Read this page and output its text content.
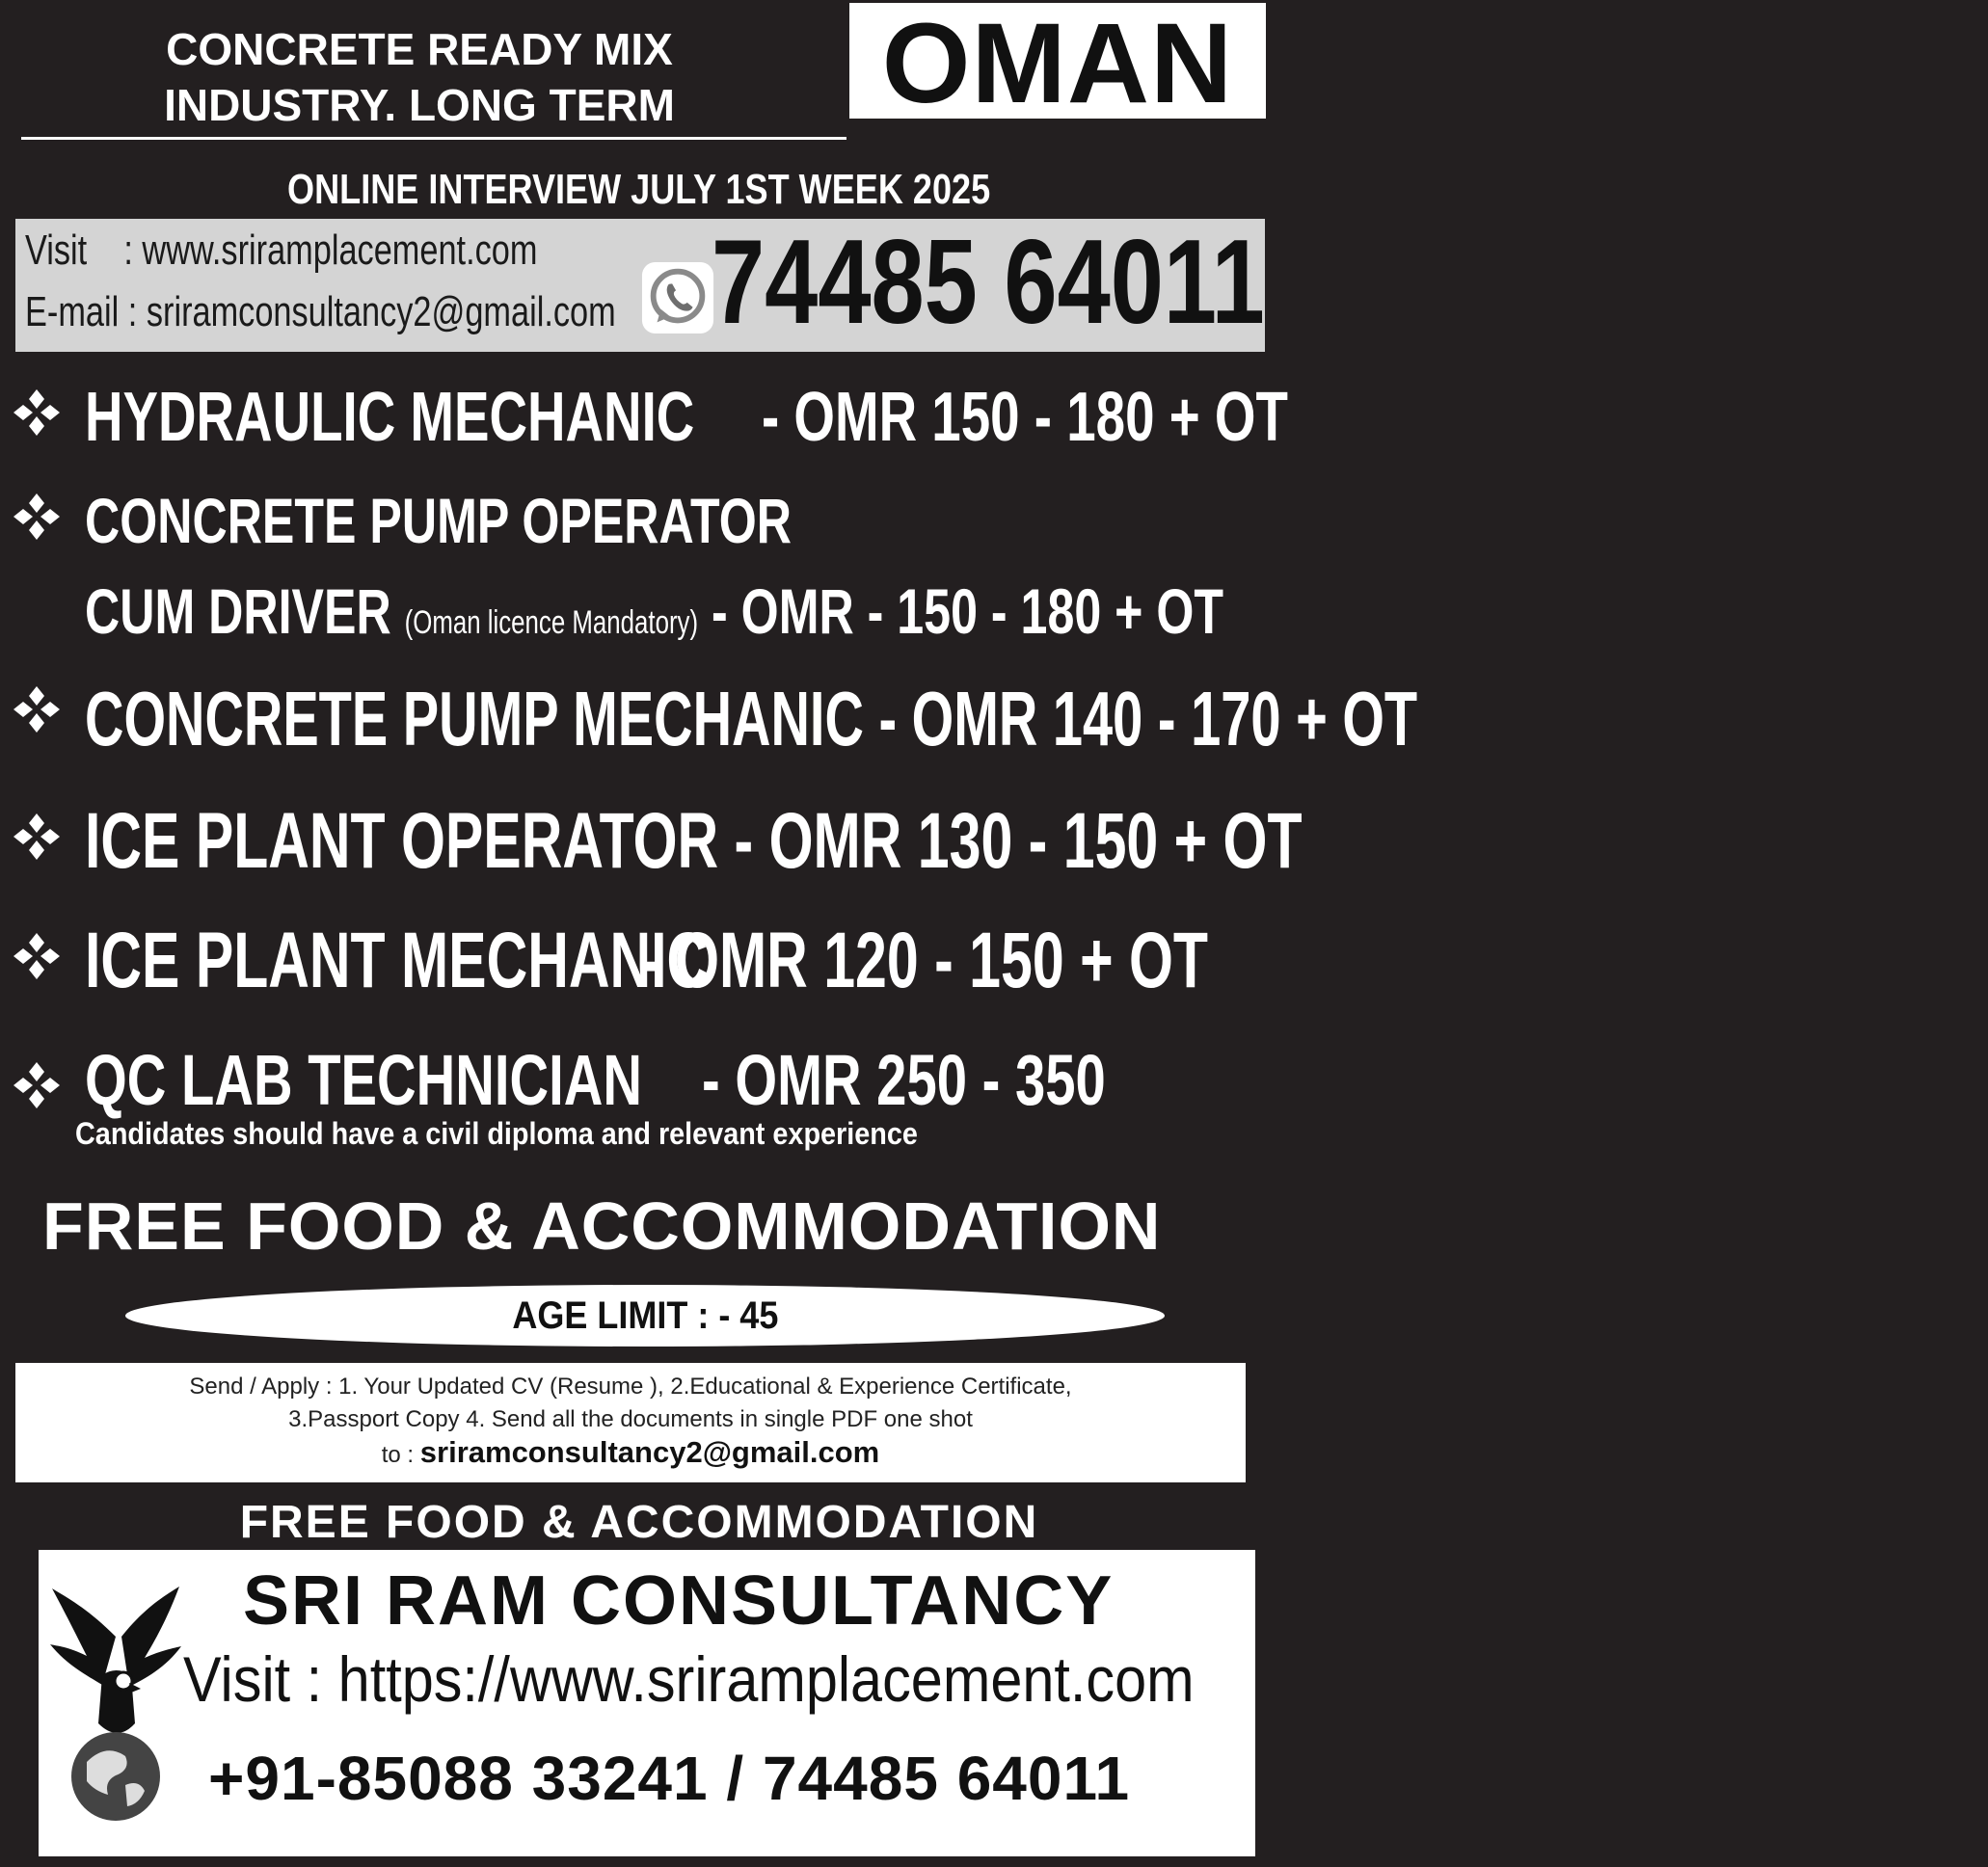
CONCRETE READY MIX
INDUSTRY. LONG TERM	OMAN
ONLINE INTERVIEW JULY 1ST WEEK 2025
Visit    : www.sriramplacement.com
E-mail : sriramconsultancy2@gmail.com 74485 64011
HYDRAULIC MECHANIC - OMR 150 - 180 + OT
CONCRETE PUMP OPERATOR
CUM DRIVER (Oman licence Mandatory) - OMR - 150 - 180 + OT
CONCRETE PUMP MECHANIC - OMR 140 - 170 + OT
ICE PLANT OPERATOR - OMR 130 - 150 + OT
ICE PLANT MECHANIC
- OMR 120 - 150 + OT
QC LAB TECHNICIAN - OMR 250 - 350
Candidates should have a civil diploma and relevant experience
FREE FOOD & ACCOMMODATION
AGE LIMIT : - 45
Send / Apply : 1. Your Updated CV (Resume ), 2.Educational & Experience Certificate,
3.Passport Copy 4. Send all the documents in single PDF one shot
to : sriramconsultancy2@gmail.com
FREE FOOD & ACCOMMODATION
SRI RAM CONSULTANCY
Visit : https://www.sriramplacement.com
+91-85088 33241 / 74485 64011
